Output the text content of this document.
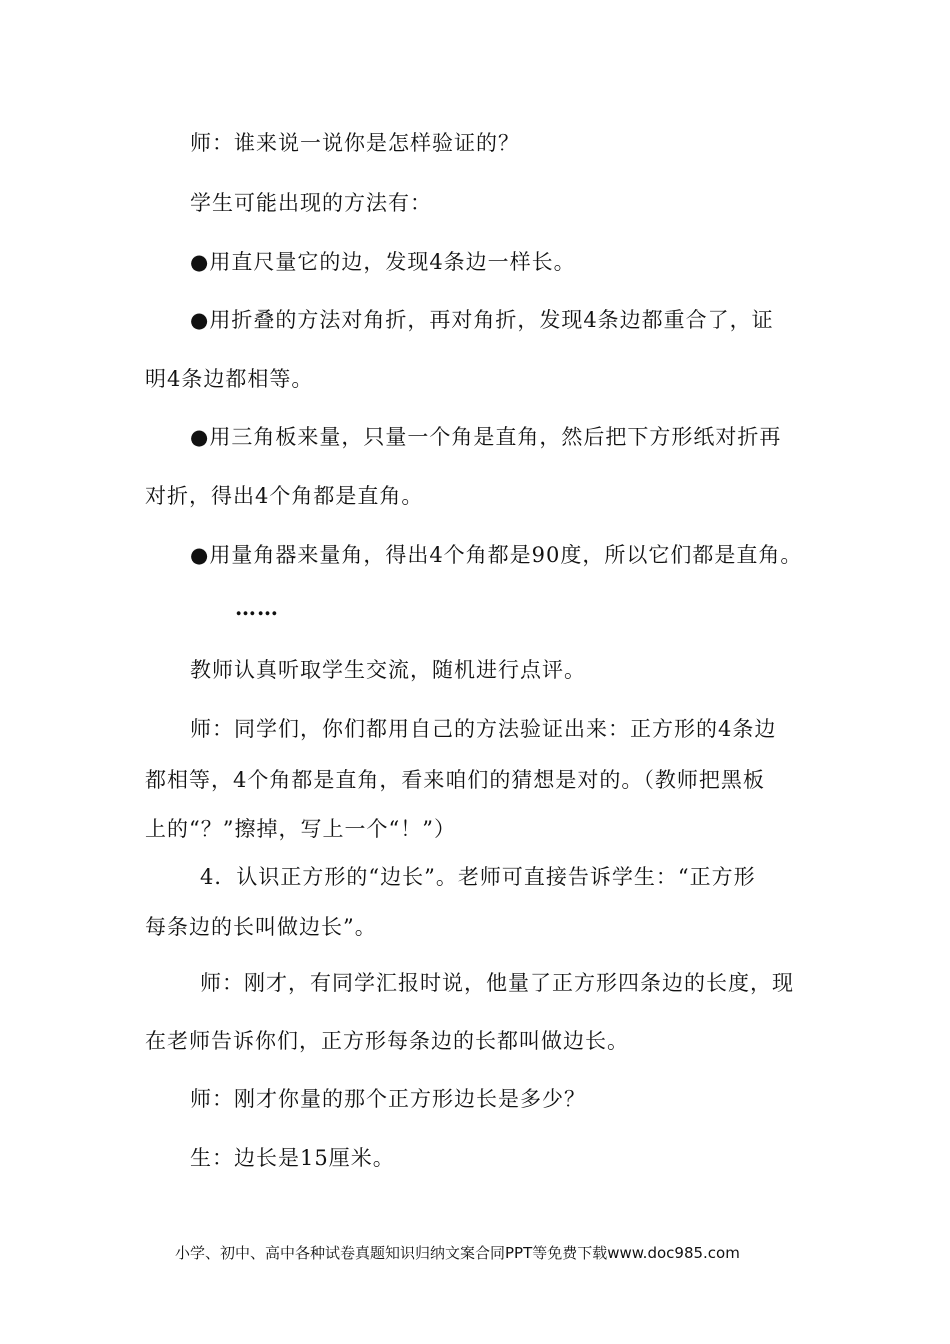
师：谁来说一说你是怎样验证的？
学生可能出现的方法有：
●用直尺量它的边，发现4条边一样长。
●用折叠的方法对角折，再对角折，发现4条边都重合了，证
明4条边都相等。
●用三角板来量，只量一个角是直角，然后把下方形纸对折再
对折，得出4个角都是直角。
●用量角器来量角，得出4个角都是90度，所以它们都是直角。
……
教师认真听取学生交流，随机进行点评。
师：同学们，你们都用自己的方法验证出来：正方形的4条边
都相等，4个角都是直角，看来咱们的猜想是对的。（教师把黑板
上的“？”擦掉，写上一个“！”）
4．认识正方形的“边长”。老师可直接告诉学生：“正方形
每条边的长叫做边长”。
师：刚才，有同学汇报时说，他量了正方形四条边的长度，现
在老师告诉你们，正方形每条边的长都叫做边长。
师：刚才你量的那个正方形边长是多少？
生：边长是15厘米。
小学、初中、高中各种试卷真题知识归纳文案合同PPT等免费下载www.doc985.com
